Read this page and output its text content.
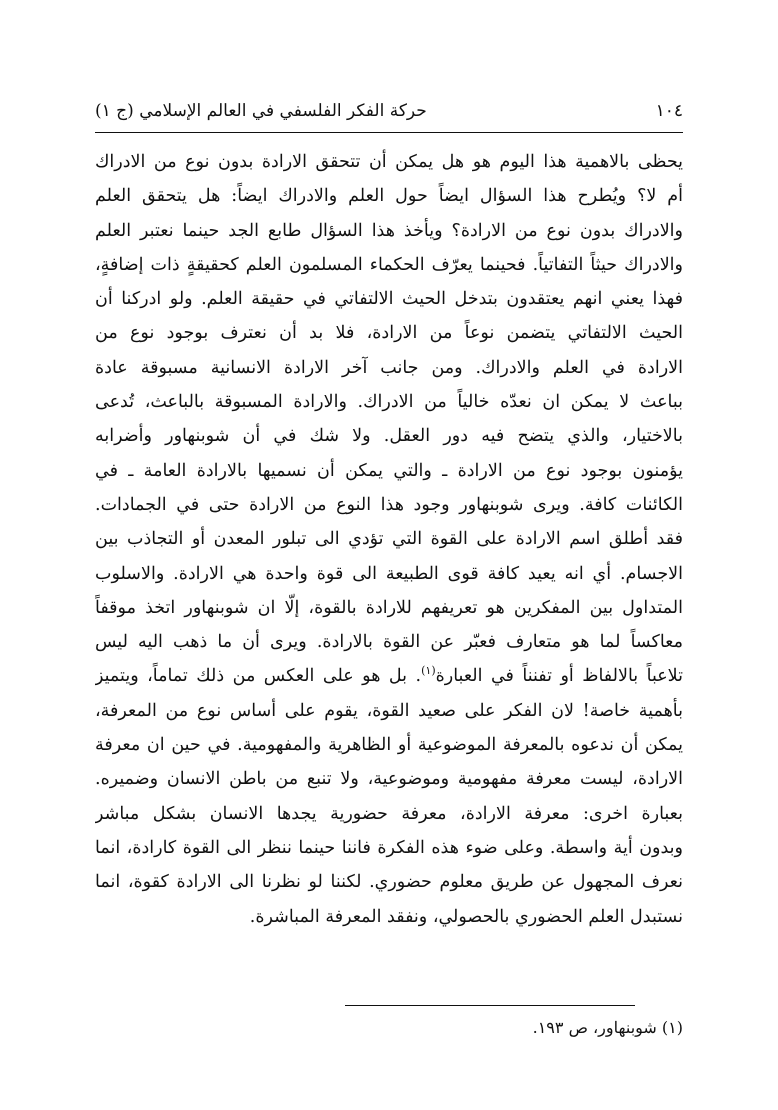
١٠٤
حركة الفكر الفلسفي في العالم الإسلامي (ج ١)
يحظى بالاهمية هذا اليوم هو هل يمكن أن تتحقق الارادة بدون نوع من الادراك
أم لا؟ ويُطرح هذا السؤال ايضاً حول العلم والادراك ايضاً: هل يتحقق العلم
والادراك بدون نوع من الارادة؟ ويأخذ هذا السؤال طابع الجد حينما نعتبر العلم
والادراك حيثاً التفاتياً. فحينما يعرّف الحكماء المسلمون العلم كحقيقةٍ ذات إضافةٍ،
فهذا يعني انهم يعتقدون بتدخل الحيث الالتفاتي في حقيقة العلم. ولو ادركنا أن
الحيث الالتفاتي يتضمن نوعاً من الارادة، فلا بد أن نعترف بوجود نوع من
الارادة في العلم والادراك. ومن جانب آخر الارادة الانسانية مسبوقة عادة
بباعث لا يمكن ان نعدّه خالياً من الادراك. والارادة المسبوقة بالباعث، تُدعى
بالاختيار، والذي يتضح فيه دور العقل. ولا شك في أن شوبنهاور وأضرابه
يؤمنون بوجود نوع من الارادة ـ والتي يمكن أن نسميها بالارادة العامة ـ في
الكائنات كافة. ويرى شوبنهاور وجود هذا النوع من الارادة حتى في الجمادات.
فقد أطلق اسم الارادة على القوة التي تؤدي الى تبلور المعدن أو التجاذب بين
الاجسام. أي انه يعيد كافة قوى الطبيعة الى قوة واحدة هي الارادة. والاسلوب
المتداول بين المفكرين هو تعريفهم للارادة بالقوة، إلّا ان شوبنهاور اتخذ موقفاً
معاكساً لما هو متعارف فعبّر عن القوة بالارادة. ويرى أن ما ذهب اليه ليس
تلاعباً بالالفاظ أو تفنناً في العبارة$^{(١)}$. بل هو على العكس من ذلك تماماً، ويتميز
بأهمية خاصة! لان الفكر على صعيد القوة، يقوم على أساس نوع من المعرفة،
يمكن أن ندعوه بالمعرفة الموضوعية أو الظاهرية والمفهومية. في حين ان معرفة
الارادة، ليست معرفة مفهومية وموضوعية، ولا تنبع من باطن الانسان وضميره.
بعبارة اخرى: معرفة الارادة، معرفة حضورية يجدها الانسان بشكل مباشر
وبدون أية واسطة. وعلى ضوء هذه الفكرة فاننا حينما ننظر الى القوة كارادة، انما
نعرف المجهول عن طريق معلوم حضوري. لكننا لو نظرنا الى الارادة كقوة، انما
نستبدل العلم الحضوري بالحصولي، ونفقد المعرفة المباشرة.
(١) شوبنهاور، ص ١٩٣.
